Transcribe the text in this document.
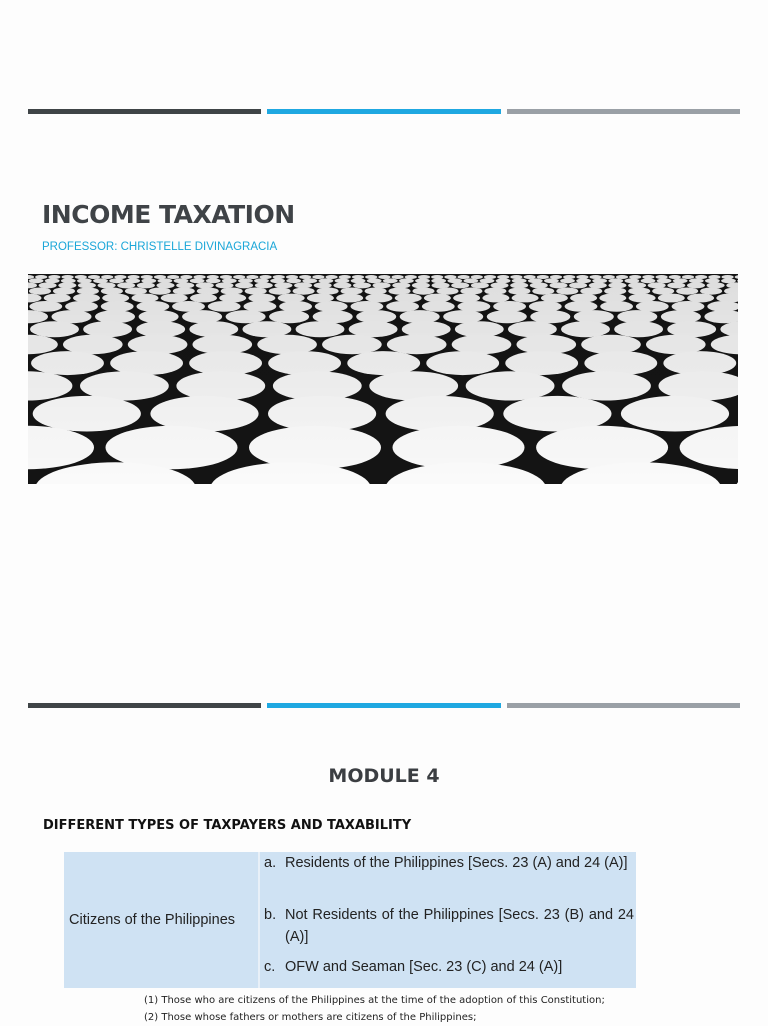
INCOME TAXATION
PROFESSOR: CHRISTELLE DIVINAGRACIA
MODULE 4
DIFFERENT TYPES OF TAXPAYERS AND TAXABILITY
Citizens of the Philippines
a. Residents of the Philippines [Secs. 23 (A) and 24 (A)]
b. Not Residents of the Philippines [Secs. 23 (B) and 24 (A)]
c. OFW and Seaman [Sec. 23 (C) and 24 (A)]
(1) Those who are citizens of the Philippines at the time of the adoption of this Constitution;
(2) Those whose fathers or mothers are citizens of the Philippines;
